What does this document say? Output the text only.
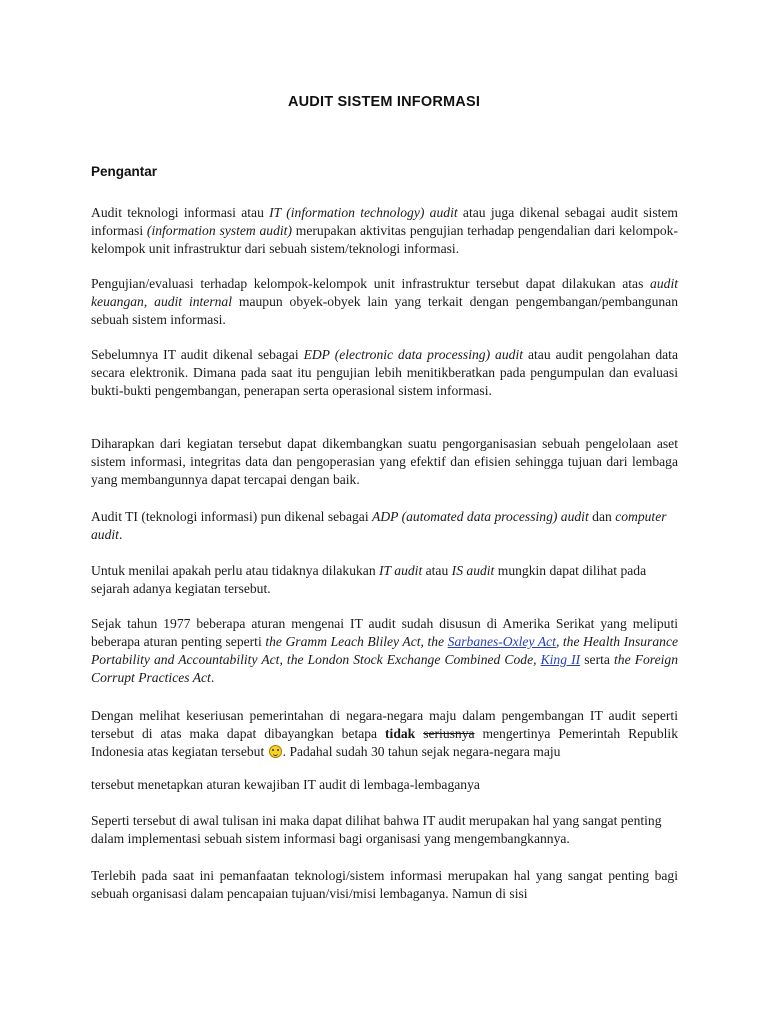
AUDIT SISTEM INFORMASI
Pengantar

Audit teknologi informasi atau IT (information technology) audit atau juga dikenal sebagai audit sistem informasi (information system audit) merupakan aktivitas pengujian terhadap pengendalian dari kelompok-kelompok unit infrastruktur dari sebuah sistem/teknologi informasi.

Pengujian/evaluasi terhadap kelompok-kelompok unit infrastruktur tersebut dapat dilakukan atas audit keuangan, audit internal maupun obyek-obyek lain yang terkait dengan pengembangan/pembangunan sebuah sistem informasi.

Sebelumnya IT audit dikenal sebagai EDP (electronic data processing) audit atau audit pengolahan data secara elektronik. Dimana pada saat itu pengujian lebih menitikberatkan pada pengumpulan dan evaluasi bukti-bukti pengembangan, penerapan serta operasional sistem informasi.

Diharapkan dari kegiatan tersebut dapat dikembangkan suatu pengorganisasian sebuah pengelolaan aset sistem informasi, integritas data dan pengoperasian yang efektif dan efisien sehingga tujuan dari lembaga yang membangunnya dapat tercapai dengan baik.

Audit TI (teknologi informasi) pun dikenal sebagai ADP (automated data processing) audit dan computer audit.

Untuk menilai apakah perlu atau tidaknya dilakukan IT audit atau IS audit mungkin dapat dilihat pada sejarah adanya kegiatan tersebut.

Sejak tahun 1977 beberapa aturan mengenai IT audit sudah disusun di Amerika Serikat yang meliputi beberapa aturan penting seperti the Gramm Leach Bliley Act, the Sarbanes-Oxley Act, the Health Insurance Portability and Accountability Act, the London Stock Exchange Combined Code, King II serta the Foreign Corrupt Practices Act.

Dengan melihat keseriusan pemerintahan di negara-negara maju dalam pengembangan IT audit seperti tersebut di atas maka dapat dibayangkan betapa tidak seriusnya mengertinya Pemerintah Republik Indonesia atas kegiatan tersebut . Padahal sudah 30 tahun sejak negara-negara maju

tersebut menetapkan aturan kewajiban IT audit di lembaga-lembaganya

Seperti tersebut di awal tulisan ini maka dapat dilihat bahwa IT audit merupakan hal yang sangat penting dalam implementasi sebuah sistem informasi bagi organisasi yang mengembangkannya.

Terlebih pada saat ini pemanfaatan teknologi/sistem informasi merupakan hal yang sangat penting bagi sebuah organisasi dalam pencapaian tujuan/visi/misi lembaganya. Namun di sisi
